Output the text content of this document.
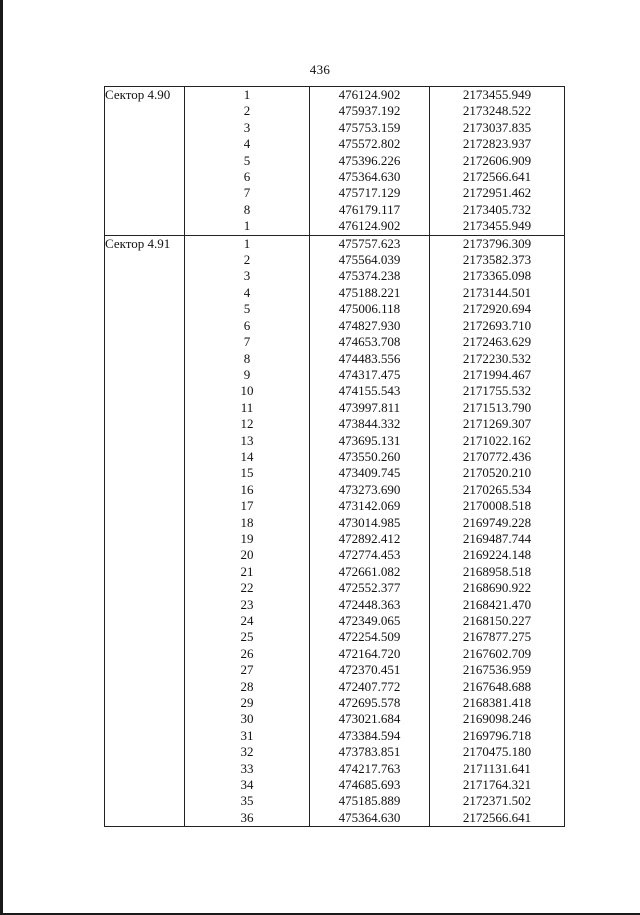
436
Сектор 4.90	1	476124.902	2173455.949
	2	475937.192	2173248.522
	3	475753.159	2173037.835
	4	475572.802	2172823.937
	5	475396.226	2172606.909
	6	475364.630	2172566.641
	7	475717.129	2172951.462
	8	476179.117	2173405.732
	1	476124.902	2173455.949
Сектор 4.91	1	475757.623	2173796.309
	2	475564.039	2173582.373
	3	475374.238	2173365.098
	4	475188.221	2173144.501
	5	475006.118	2172920.694
	6	474827.930	2172693.710
	7	474653.708	2172463.629
	8	474483.556	2172230.532
	9	474317.475	2171994.467
	10	474155.543	2171755.532
	11	473997.811	2171513.790
	12	473844.332	2171269.307
	13	473695.131	2171022.162
	14	473550.260	2170772.436
	15	473409.745	2170520.210
	16	473273.690	2170265.534
	17	473142.069	2170008.518
	18	473014.985	2169749.228
	19	472892.412	2169487.744
	20	472774.453	2169224.148
	21	472661.082	2168958.518
	22	472552.377	2168690.922
	23	472448.363	2168421.470
	24	472349.065	2168150.227
	25	472254.509	2167877.275
	26	472164.720	2167602.709
	27	472370.451	2167536.959
	28	472407.772	2167648.688
	29	472695.578	2168381.418
	30	473021.684	2169098.246
	31	473384.594	2169796.718
	32	473783.851	2170475.180
	33	474217.763	2171131.641
	34	474685.693	2171764.321
	35	475185.889	2172371.502
	36	475364.630	2172566.641
